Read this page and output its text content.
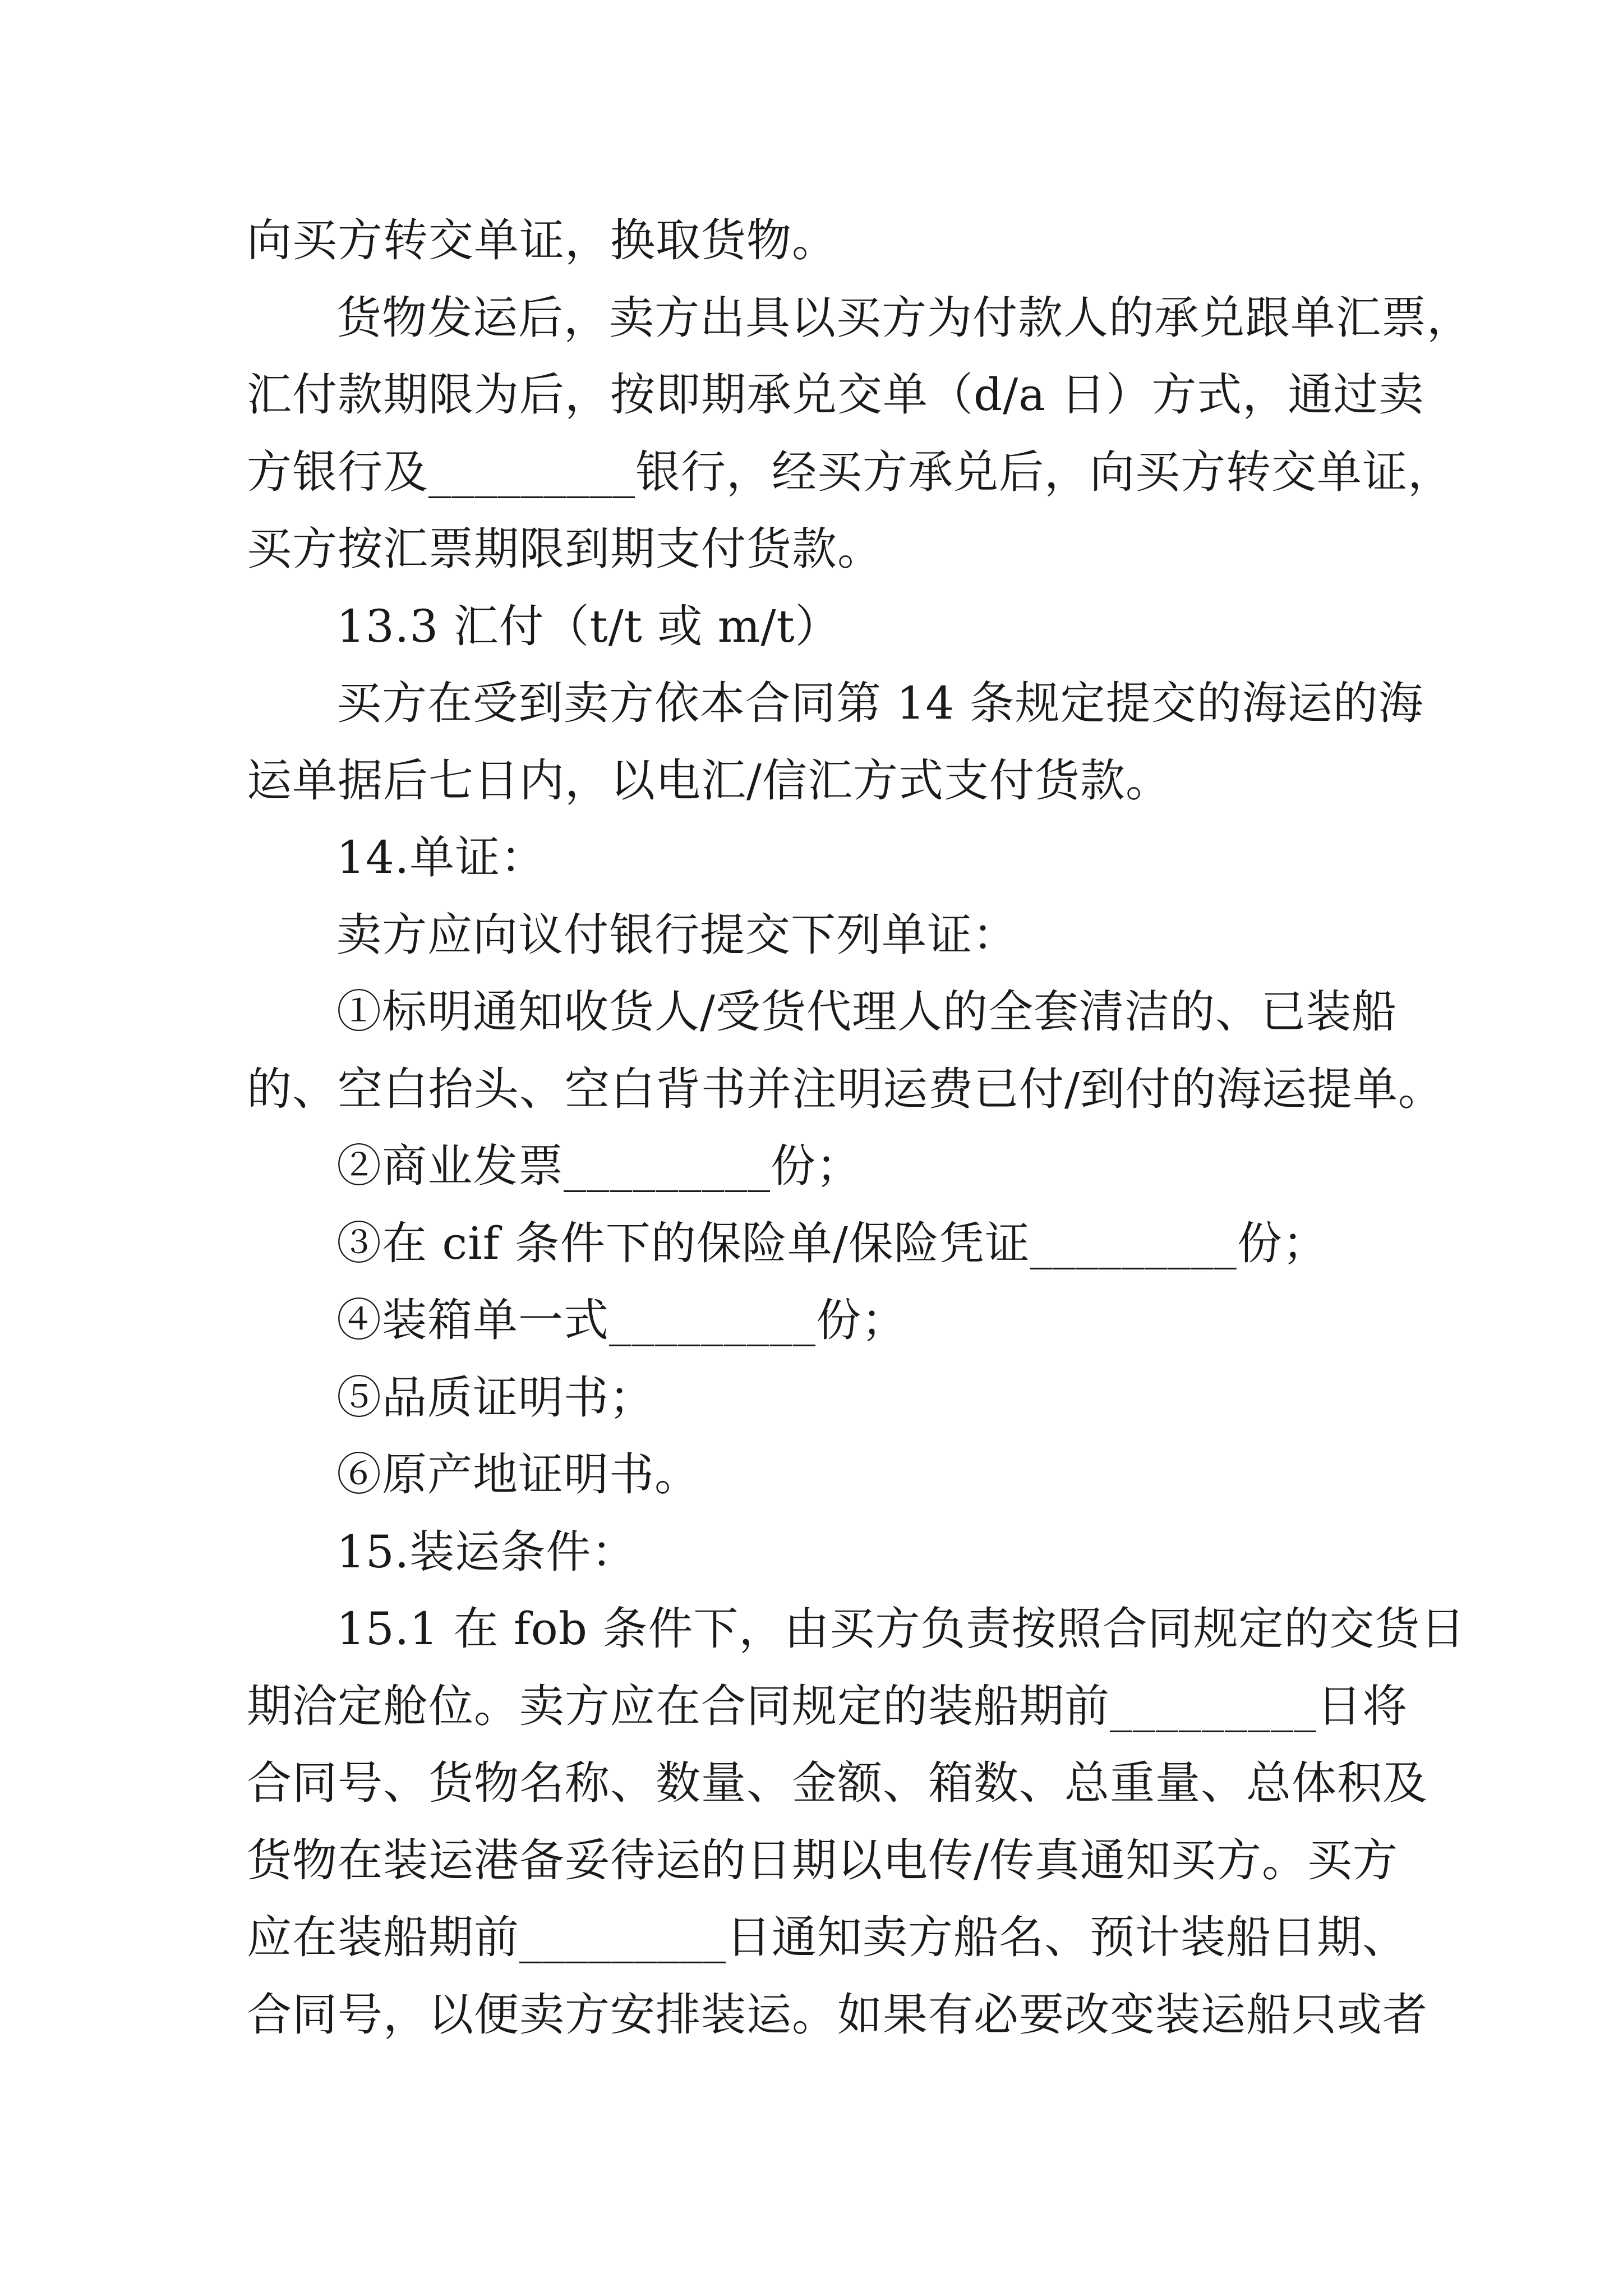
向买方转交单证，换取货物。
货物发运后，卖方出具以买方为付款人的承兑跟单汇票，
汇付款期限为后，按即期承兑交单（d/a 日）方式，通过卖
方银行及_________银行，经买方承兑后，向买方转交单证，
买方按汇票期限到期支付货款。
13.3 汇付（t/t 或 m/t）
买方在受到卖方依本合同第 14 条规定提交的海运的海
运单据后七日内，以电汇/信汇方式支付货款。
14.单证：
卖方应向议付银行提交下列单证：
①标明通知收货人/受货代理人的全套清洁的、已装船
的、空白抬头、空白背书并注明运费已付/到付的海运提单。
②商业发票_________份；
③在 cif 条件下的保险单/保险凭证_________份；
④装箱单一式_________份；
⑤品质证明书；
⑥原产地证明书。
15.装运条件：
15.1 在 fob 条件下，由买方负责按照合同规定的交货日
期洽定舱位。卖方应在合同规定的装船期前_________日将
合同号、货物名称、数量、金额、箱数、总重量、总体积及
货物在装运港备妥待运的日期以电传/传真通知买方。买方
应在装船期前_________日通知卖方船名、预计装船日期、
合同号，以便卖方安排装运。如果有必要改变装运船只或者
